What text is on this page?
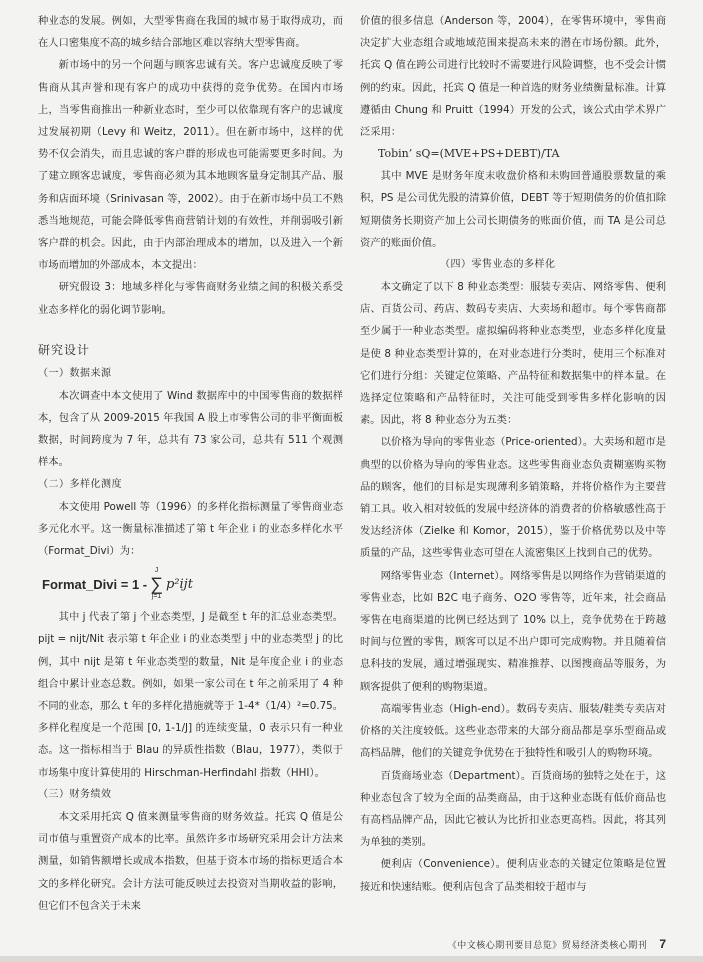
种业态的发展。例如，大型零售商在我国的城市易于取得成功，而在人口密集度不高的城乡结合部地区难以容纳大型零售商。

新市场中的另一个问题与顾客忠诚有关。客户忠诚度反映了零售商从其声誉和现有客户的成功中获得的竞争优势。在国内市场上，当零售商推出一种新业态时，至少可以依靠现有客户的忠诚度过发展初期（Levy 和 Weitz，2011）。但在新市场中，这样的优势不仅会消失，而且忠诚的客户群的形成也可能需要更多时间。为了建立顾客忠诚度，零售商必须为其本地顾客量身定制其产品、服务和店面环境（Srinivasan 等，2002）。由于在新市场中员工不熟悉当地规范，可能会降低零售商营销计划的有效性，并削弱吸引新客户群的机会。因此，由于内部治理成本的增加，以及进入一个新市场而增加的外部成本，本文提出：

研究假设 3：地域多样化与零售商财务业绩之间的积极关系受业态多样化的弱化调节影响。

研究设计
（一）数据来源

本次调查中本文使用了 Wind 数据库中的中国零售商的数据样本，包含了从 2009-2015 年我国 A 股上市零售公司的非平衡面板数据，时间跨度为 7 年，总共有 73 家公司，总共有 511 个观测样本。

（二）多样化测度

本文使用 Powell 等（1996）的多样化指标测量了零售商业态多元化水平。这一衡量标准描述了第 t 年企业 i 的业态多样化水平（Format_Divi）为：

Format_Divi = 1 -
J
∑
j=1
p²ijt

其中 j 代表了第 j 个业态类型，J 是截至 t 年的汇总业态类型。pijt = nijt/Nit 表示第 t 年企业 i 的业态类型 j 中的业态类型 j 的比例，其中 nijt 是第 t 年业态类型的数量，Nit 是年度企业 i 的业态组合中累计业态总数。例如，如果一家公司在 t 年之前采用了 4 种不同的业态，那么 t 年的多样化措施就等于 1-4*（1/4）²=0.75。多样化程度是一个范围 [0, 1-1/J] 的连续变量，0 表示只有一种业态。这一指标相当于 Blau 的异质性指数（Blau，1977），类似于市场集中度计算使用的 Hirschman-Herfindahl 指数（HHI）。

（三）财务绩效

本文采用托宾 Q 值来测量零售商的财务效益。托宾 Q 值是公司市值与重置资产成本的比率。虽然许多市场研究采用会计方法来测量，如销售额增长或成本指数，但基于资本市场的指标更适合本文的多样化研究。会计方法可能反映过去投资对当期收益的影响，但它们不包含关于未来

价值的很多信息（Anderson 等，2004），在零售环境中，零售商决定扩大业态组合或地域范围来提高未来的潜在市场份额。此外，托宾 Q 值在跨公司进行比较时不需要进行风险调整，也不受会计惯例的约束。因此，托宾 Q 值是一种首选的财务业绩衡量标准。计算遵循由 Chung 和 Pruitt（1994）开发的公式，该公式由学术界广泛采用：

Tobin’ sQ=(MVE+PS+DEBT)/TA

其中 MVE 是财务年度末收盘价格和未购回普通股票数量的乘积，PS 是公司优先股的清算价值，DEBT 等于短期债务的价值扣除短期债务长期资产加上公司长期债务的账面价值，而 TA 是公司总资产的账面价值。

（四）零售业态的多样化

本文确定了以下 8 种业态类型：服装专卖店、网络零售、便利店、百货公司、药店、数码专卖店、大卖场和超市。每个零售商都至少属于一种业态类型。虚拟编码将种业态类型，业态多样化度量是使 8 种业态类型计算的，在对业态进行分类时，使用三个标准对它们进行分组：关键定位策略、产品特征和数据集中的样本量。在选择定位策略和产品特征时，关注可能受到零售多样化影响的因素。因此，将 8 种业态分为五类：

以价格为导向的零售业态（Price-oriented）。大卖场和超市是典型的以价格为导向的零售业态。这些零售商业态负责糊塞购买物品的顾客，他们的目标是实现薄利多销策略，并将价格作为主要营销工具。收入相对较低的发展中经济体的消费者的价格敏感性高于发达经济体（Zielke 和 Komor，2015），鉴于价格优势以及中等质量的产品，这些零售业态可望在人流密集区上找到自己的优势。

网络零售业态（Internet）。网络零售是以网络作为营销渠道的零售业态，比如 B2C 电子商务、O2O 零售等，近年来，社会商品零售在电商渠道的比例已经达到了 10% 以上，竞争优势在于跨越时间与位置的零售，顾客可以足不出户即可完成购物。并且随着信息科技的发展，通过增强现实、精准推荐、以图搜商品等服务，为顾客提供了便利的购物渠道。

高端零售业态（High-end）。数码专卖店、服装/鞋类专卖店对价格的关注度较低。这些业态带来的大部分商品都是享乐型商品或高档品牌，他们的关键竞争优势在于独特性和吸引人的购物环境。

百货商场业态（Department）。百货商场的独特之处在于，这种业态包含了较为全面的品类商品，由于这种业态既有低价商品也有高档品牌产品，因此它被认为比折扣业态更高档。因此，将其列为单独的类别。

便利店（Convenience）。便利店业态的关键定位策略是位置接近和快速结账。便利店包含了品类相较于超市与

《中文核心期刊要目总览》贸易经济类核心期刊 7
